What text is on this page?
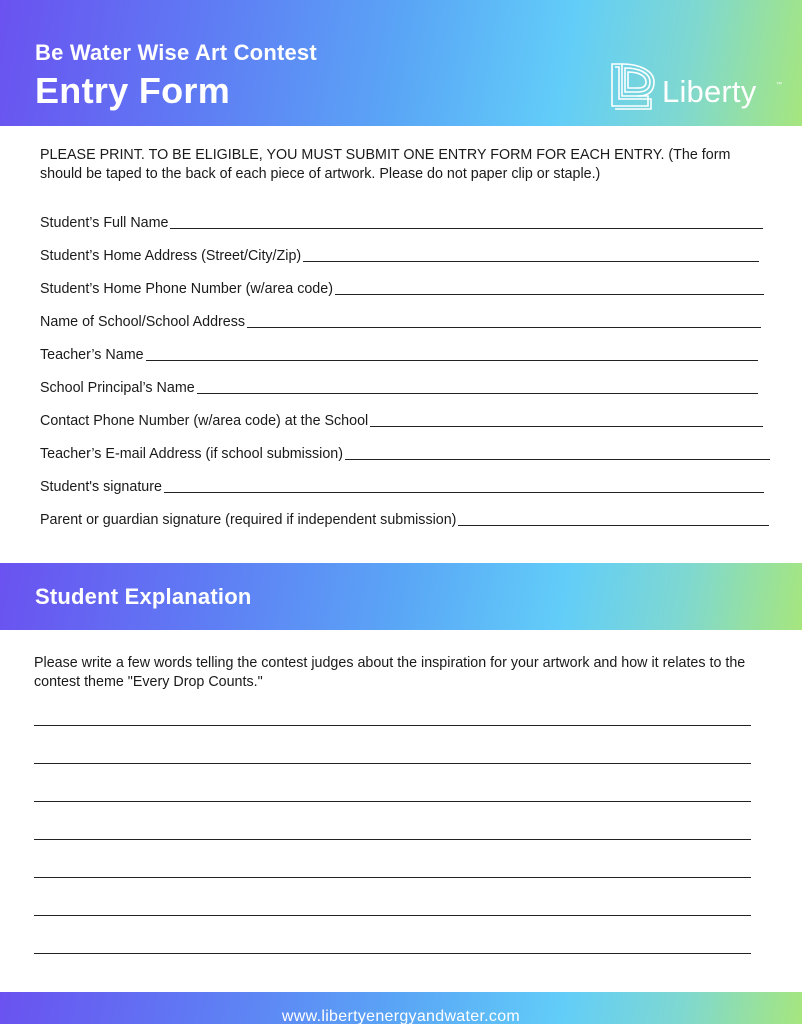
Be Water Wise Art Contest
Entry Form	Liberty	™
PLEASE PRINT. TO BE ELIGIBLE, YOU MUST SUBMIT ONE ENTRY FORM FOR EACH ENTRY. (The form should be taped to the back of each piece of artwork. Please do not paper clip or staple.)
Student’s Full Name
Student’s Home Address (Street/City/Zip)
Student’s Home Phone Number (w/area code)
Name of School/School Address
Teacher’s Name
School Principal’s Name
Contact Phone Number (w/area code) at the School
Teacher’s E-mail Address (if school submission)
Student's signature
Parent or guardian signature (required if independent submission)
Student Explanation
Please write a few words telling the contest judges about the inspiration for your artwork and how it relates to the contest theme "Every Drop Counts."
www.libertyenergyandwater.com
